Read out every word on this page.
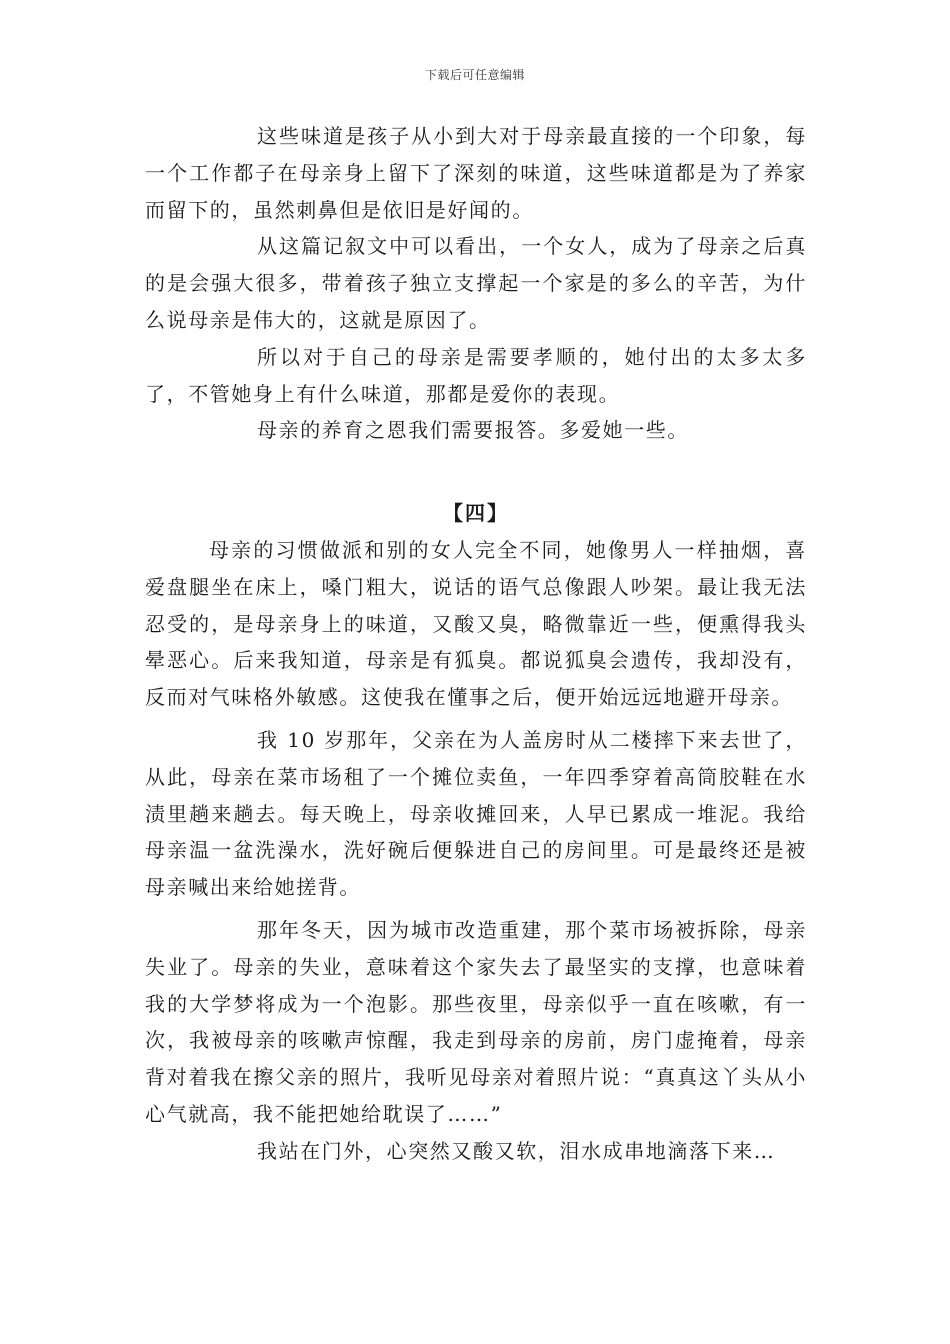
下载后可任意编辑

这些味道是孩子从小到大对于母亲最直接的一个印象，每一个工作都子在母亲身上留下了深刻的味道，这些味道都是为了养家而留下的，虽然刺鼻但是依旧是好闻的。

从这篇记叙文中可以看出，一个女人，成为了母亲之后真的是会强大很多，带着孩子独立支撑起一个家是的多么的辛苦，为什么说母亲是伟大的，这就是原因了。

所以对于自己的母亲是需要孝顺的，她付出的太多太多了，不管她身上有什么味道，那都是爱你的表现。

母亲的养育之恩我们需要报答。多爱她一些。

【四】

母亲的习惯做派和别的女人完全不同，她像男人一样抽烟，喜爱盘腿坐在床上，嗓门粗大，说话的语气总像跟人吵架。最让我无法忍受的，是母亲身上的味道，又酸又臭，略微靠近一些，便熏得我头晕恶心。后来我知道，母亲是有狐臭。都说狐臭会遗传，我却没有，反而对气味格外敏感。这使我在懂事之后，便开始远远地避开母亲。

我 10 岁那年，父亲在为人盖房时从二楼摔下来去世了，从此，母亲在菜市场租了一个摊位卖鱼，一年四季穿着高筒胶鞋在水渍里趟来趟去。每天晚上，母亲收摊回来，人早已累成一堆泥。我给母亲温一盆洗澡水，洗好碗后便躲进自己的房间里。可是最终还是被母亲喊出来给她搓背。

那年冬天，因为城市改造重建，那个菜市场被拆除，母亲失业了。母亲的失业，意味着这个家失去了最坚实的支撑，也意味着我的大学梦将成为一个泡影。那些夜里，母亲似乎一直在咳嗽，有一次，我被母亲的咳嗽声惊醒，我走到母亲的房前，房门虚掩着，母亲背对着我在擦父亲的照片，我听见母亲对着照片说：“真真这丫头从小心气就高，我不能把她给耽误了……”

我站在门外，心突然又酸又软，泪水成串地滴落下来…
